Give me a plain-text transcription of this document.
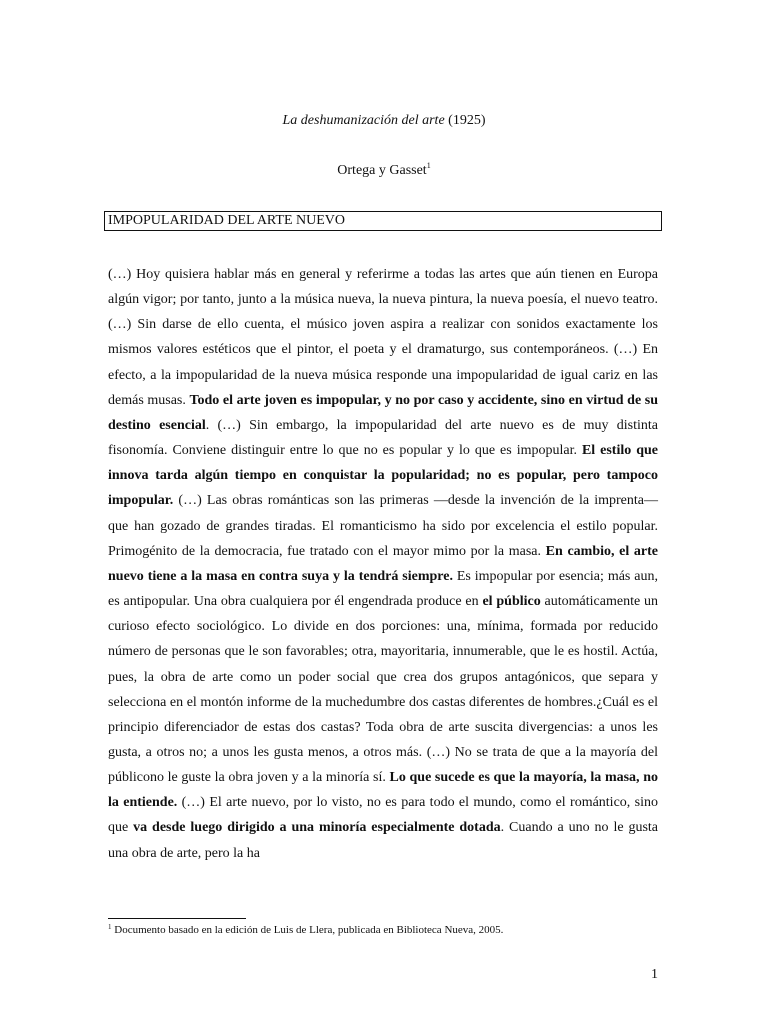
La deshumanización del arte (1925)
Ortega y Gasset$^1$
IMPOPULARIDAD DEL ARTE NUEVO

(…) Hoy quisiera hablar más en general y referirme a todas las artes que aún tienen en Europa algún vigor; por tanto, junto a la música nueva, la nueva pintura, la nueva poesía, el nuevo teatro. (…) Sin darse de ello cuenta, el músico joven aspira a realizar con sonidos exactamente los mismos valores estéticos que el pintor, el poeta y el dramaturgo, sus contemporáneos. (…) En efecto, a la impopularidad de la nueva música responde una impopularidad de igual cariz en las demás musas. Todo el arte joven es impopular, y no por caso y accidente, sino en virtud de su destino esencial. (…) Sin embargo, la impopularidad del arte nuevo es de muy distinta fisonomía. Conviene distinguir entre lo que no es popular y lo que es impopular. El estilo que innova tarda algún tiempo en conquistar la popularidad; no es popular, pero tampoco impopular. (…) Las obras románticas son las primeras —desde la invención de la imprenta— que han gozado de grandes tiradas. El romanticismo ha sido por excelencia el estilo popular. Primogénito de la democracia, fue tratado con el mayor mimo por la masa. En cambio, el arte nuevo tiene a la masa en contra suya y la tendrá siempre. Es impopular por esencia; más aun, es antipopular. Una obra cualquiera por él engendrada produce en el público automáticamente un curioso efecto sociológico. Lo divide en dos porciones: una, mínima, formada por reducido número de personas que le son favorables; otra, mayoritaria, innumerable, que le es hostil. Actúa, pues, la obra de arte como un poder social que crea dos grupos antagónicos, que separa y selecciona en el montón informe de la muchedumbre dos castas diferentes de hombres.¿Cuál es el principio diferenciador de estas dos castas? Toda obra de arte suscita divergencias: a unos les gusta, a otros no; a unos les gusta menos, a otros más. (…) No se trata de que a la mayoría del públicono le guste la obra joven y a la minoría sí. Lo que sucede es que la mayoría, la masa, no la entiende. (…) El arte nuevo, por lo visto, no es para todo el mundo, como el romántico, sino que va desde luego dirigido a una minoría especialmente dotada. Cuando a uno no le gusta una obra de arte, pero la ha

$^1$ Documento basado en la edición de Luis de Llera, publicada en Biblioteca Nueva, 2005.
1
